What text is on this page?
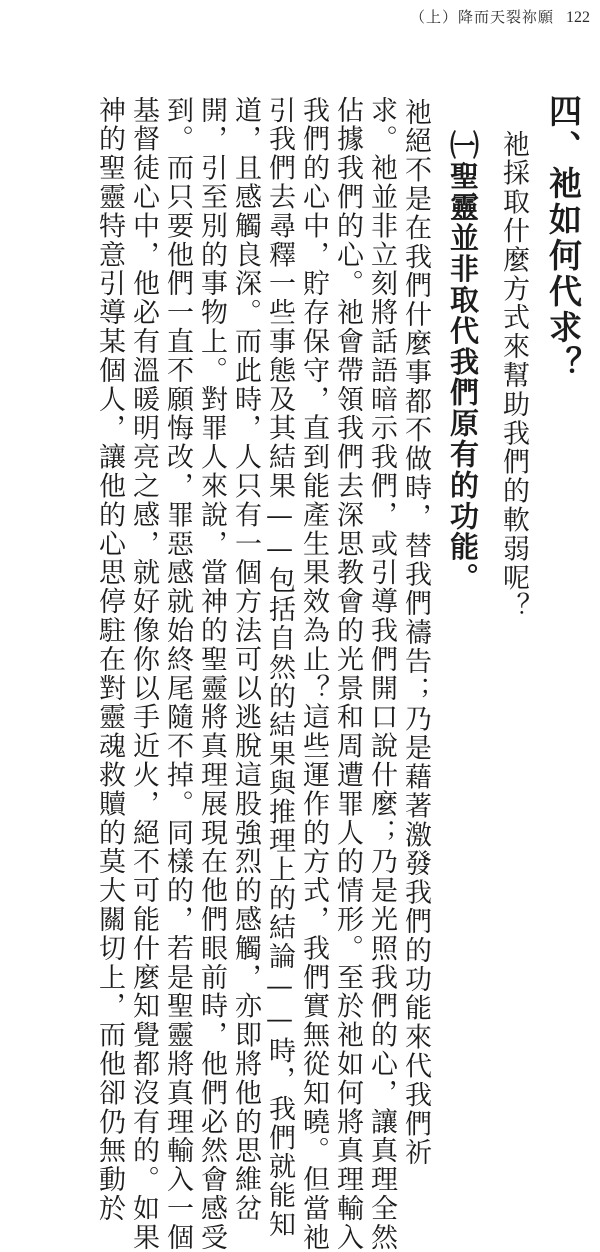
（上）降而天裂祢願 122
四、祂如何代求？
祂採取什麼方式來幫助我們的軟弱呢？
㈠聖靈並非取代我們原有的功能。
祂絕不是在我們什麼事都不做時，替我們禱告；乃是藉著激發我們的功能來代我們祈
求。祂並非立刻將話語暗示我們，或引導我們開口說什麼；乃是光照我們的心，讓真理全然
佔據我們的心。祂會帶領我們去深思教會的光景和周遭罪人的情形。至於祂如何將真理輸入
我們的心中，貯存保守，直到能產生果效為止？這些運作的方式，我們實無從知曉。但當祂
引我們去尋釋一些事態及其結果——包括自然的結果與推理上的結論——時，我們就能知
道，且感觸良深。而此時，人只有一個方法可以逃脫這股強烈的感觸，亦即將他的思維岔
開，引至別的事物上。對罪人來說，當神的聖靈將真理展現在他們眼前時，他們必然會感受
到。而只要他們一直不願悔改，罪惡感就始終尾隨不掉。同樣的，若是聖靈將真理輸入一個
基督徒心中，他必有溫暖明亮之感，就好像你以手近火，絕不可能什麼知覺都沒有的。如果
神的聖靈特意引導某個人，讓他的心思停駐在對靈魂救贖的莫大關切上，而他卻仍無動於
